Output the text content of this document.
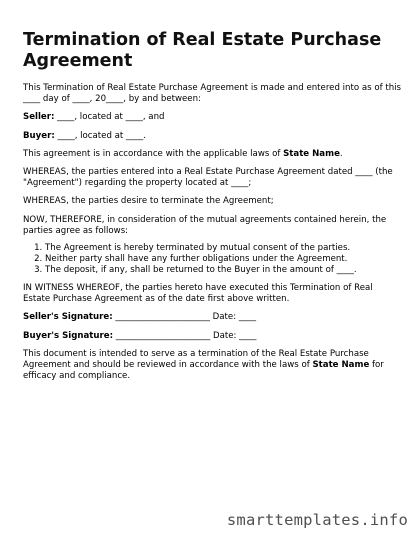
Termination of Real Estate Purchase Agreement

This Termination of Real Estate Purchase Agreement is made and entered into as of this ____ day of ____, 20____, by and between:

Seller: ____, located at ____, and

Buyer: ____, located at ____.

This agreement is in accordance with the applicable laws of State Name.

WHEREAS, the parties entered into a Real Estate Purchase Agreement dated ____ (the "Agreement") regarding the property located at ____;

WHEREAS, the parties desire to terminate the Agreement;

NOW, THEREFORE, in consideration of the mutual agreements contained herein, the parties agree as follows:

1. The Agreement is hereby terminated by mutual consent of the parties.
2. Neither party shall have any further obligations under the Agreement.
3. The deposit, if any, shall be returned to the Buyer in the amount of ____.

IN WITNESS WHEREOF, the parties hereto have executed this Termination of Real Estate Purchase Agreement as of the date first above written.

Seller's Signature: ______________________ Date: ____

Buyer's Signature: ______________________ Date: ____

This document is intended to serve as a termination of the Real Estate Purchase Agreement and should be reviewed in accordance with the laws of State Name for efficacy and compliance.

smarttemplates.info
